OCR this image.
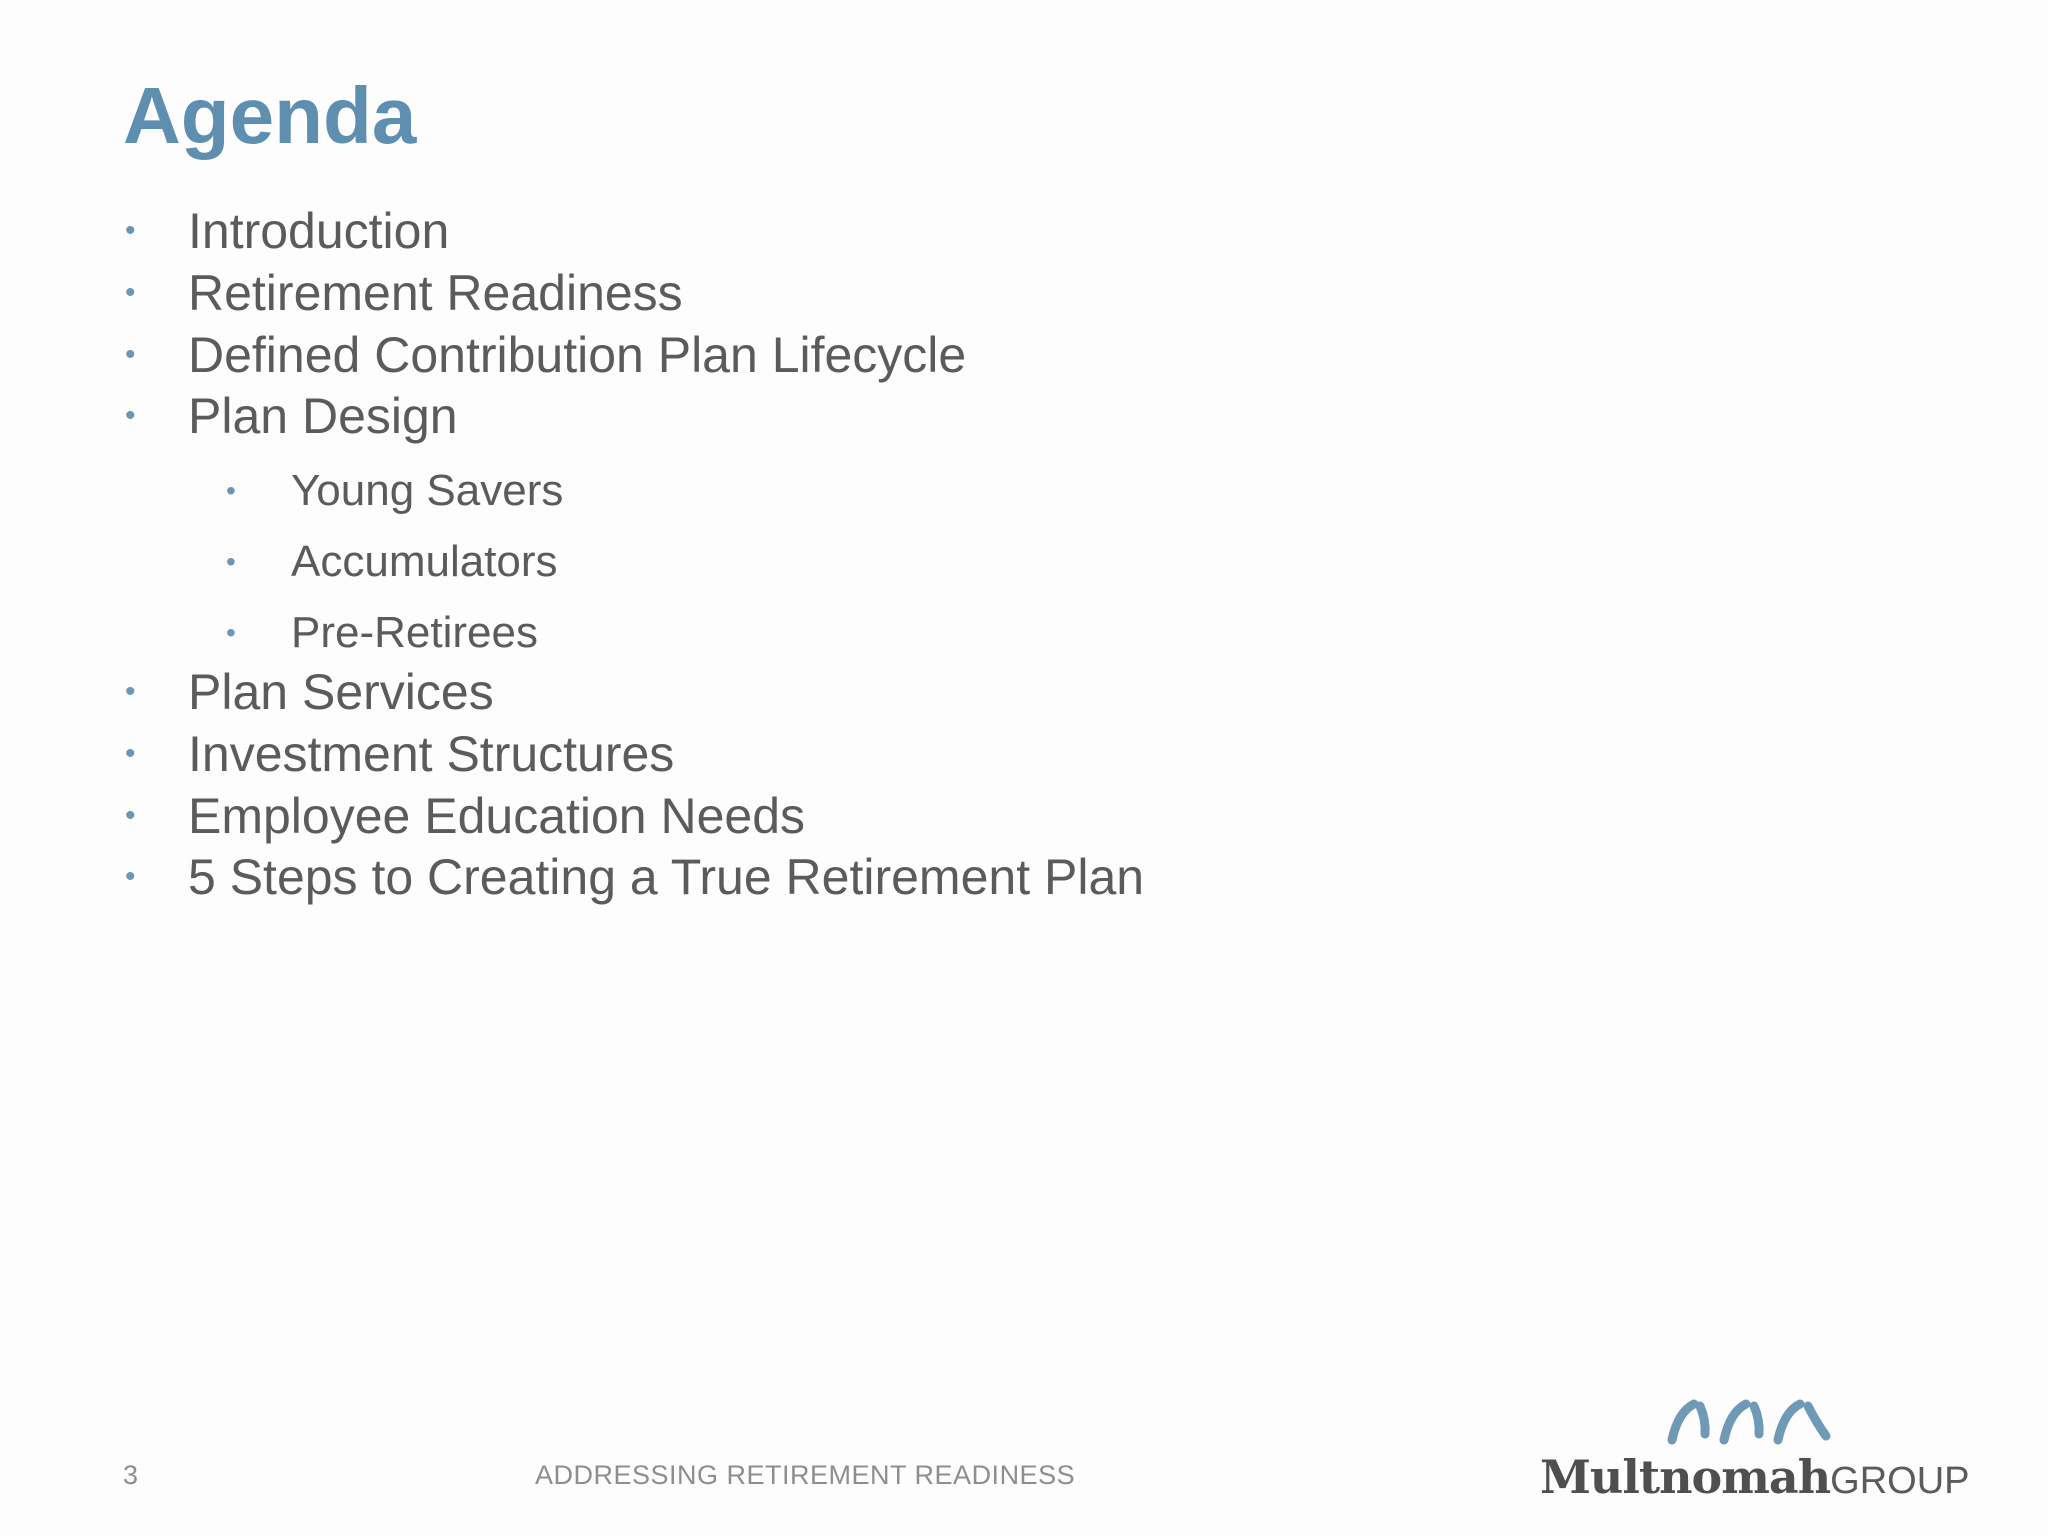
Agenda
• Introduction
• Retirement Readiness
• Defined Contribution Plan Lifecycle
• Plan Design
• Young Savers
• Accumulators
• Pre-Retirees
• Plan Services
• Investment Structures
• Employee Education Needs
• 5 Steps to Creating a True Retirement Plan
3	ADDRESSING RETIREMENT READINESS	MultnomahGROUP
